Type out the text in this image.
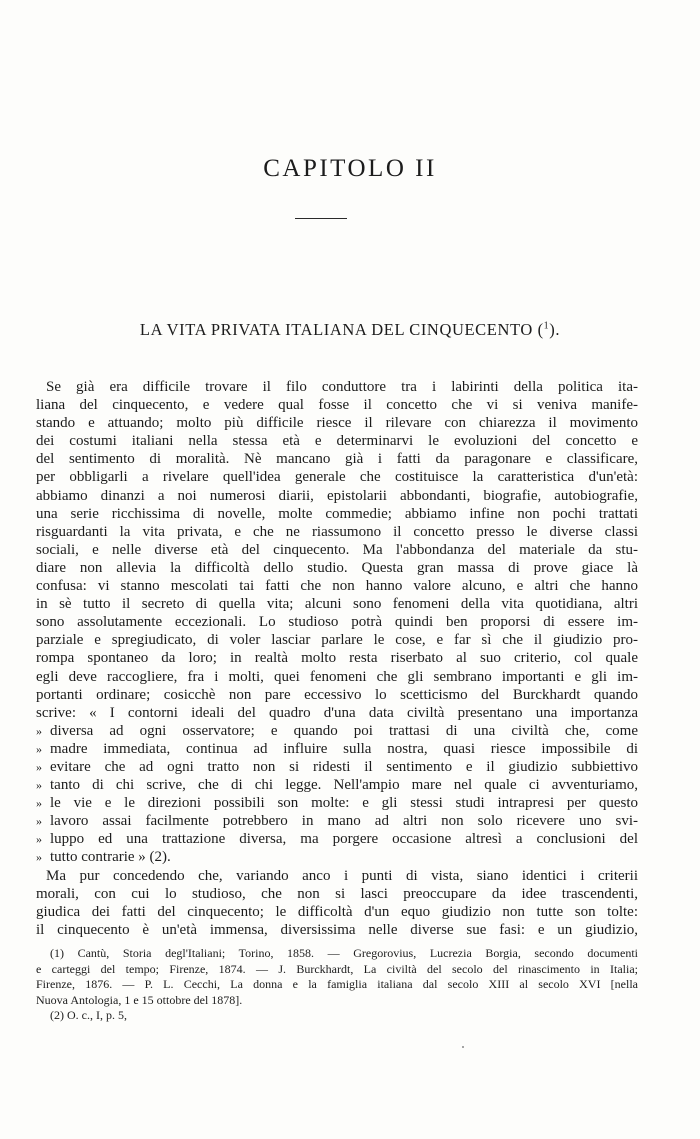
CAPITOLO II
LA VITA PRIVATA ITALIANA DEL CINQUECENTO ($^1$).
Se già era difficile trovare il filo conduttore tra i labirinti della politica ita-
liana del cinquecento, e vedere qual fosse il concetto che vi si veniva manife-
stando e attuando; molto più difficile riesce il rilevare con chiarezza il movimento
dei costumi italiani nella stessa età e determinarvi le evoluzioni del concetto e
del sentimento di moralità. Nè mancano già i fatti da paragonare e classificare,
per obbligarli a rivelare quell'idea generale che costituisce la caratteristica d'un'età:
abbiamo dinanzi a noi numerosi diarii, epistolarii abbondanti, biografie, autobiografie,
una serie ricchissima di novelle, molte commedie; abbiamo infine non pochi trattati
risguardanti la vita privata, e che ne riassumono il concetto presso le diverse classi
sociali, e nelle diverse età del cinquecento. Ma l'abbondanza del materiale da stu-
diare non allevia la difficoltà dello studio. Questa gran massa di prove giace là
confusa: vi stanno mescolati tai fatti che non hanno valore alcuno, e altri che hanno
in sè tutto il secreto di quella vita; alcuni sono fenomeni della vita quotidiana, altri
sono assolutamente eccezionali. Lo studioso potrà quindi ben proporsi di essere im-
parziale e spregiudicato, di voler lasciar parlare le cose, e far sì che il giudizio pro-
rompa spontaneo da loro; in realtà molto resta riserbato al suo criterio, col quale
egli deve raccogliere, fra i molti, quei fenomeni che gli sembrano importanti e gli im-
portanti ordinare; cosicchè non pare eccessivo lo scetticismo del Burckhardt quando
scrive: « I contorni ideali del quadro d'una data civiltà presentano una importanza
» diversa ad ogni osservatore; e quando poi trattasi di una civiltà che, come
» madre immediata, continua ad influire sulla nostra, quasi riesce impossibile di
» evitare che ad ogni tratto non si ridesti il sentimento e il giudizio subbiettivo
» tanto di chi scrive, che di chi legge. Nell'ampio mare nel quale ci avventuriamo,
» le vie e le direzioni possibili son molte: e gli stessi studi intrapresi per questo
» lavoro assai facilmente potrebbero in mano ad altri non solo ricevere uno svi-
» luppo ed una trattazione diversa, ma porgere occasione altresì a conclusioni del
» tutto contrarie » (2).
Ma pur concedendo che, variando anco i punti di vista, siano identici i criterii
morali, con cui lo studioso, che non si lasci preoccupare da idee trascendenti,
giudica dei fatti del cinquecento; le difficoltà d'un equo giudizio non tutte son tolte:
il cinquecento è un'età immensa, diversissima nelle diverse sue fasi: e un giudizio,
(1) Cantù, Storia degl'Italiani; Torino, 1858. — Gregorovius, Lucrezia Borgia, secondo documenti
e carteggi del tempo; Firenze, 1874. — J. Burckhardt, La civiltà del secolo del rinascimento in Italia;
Firenze, 1876. — P. L. Cecchi, La donna e la famiglia italiana dal secolo XIII al secolo XVI [nella
Nuova Antologia, 1 e 15 ottobre del 1878].
(2) O. c., I, p. 5,
